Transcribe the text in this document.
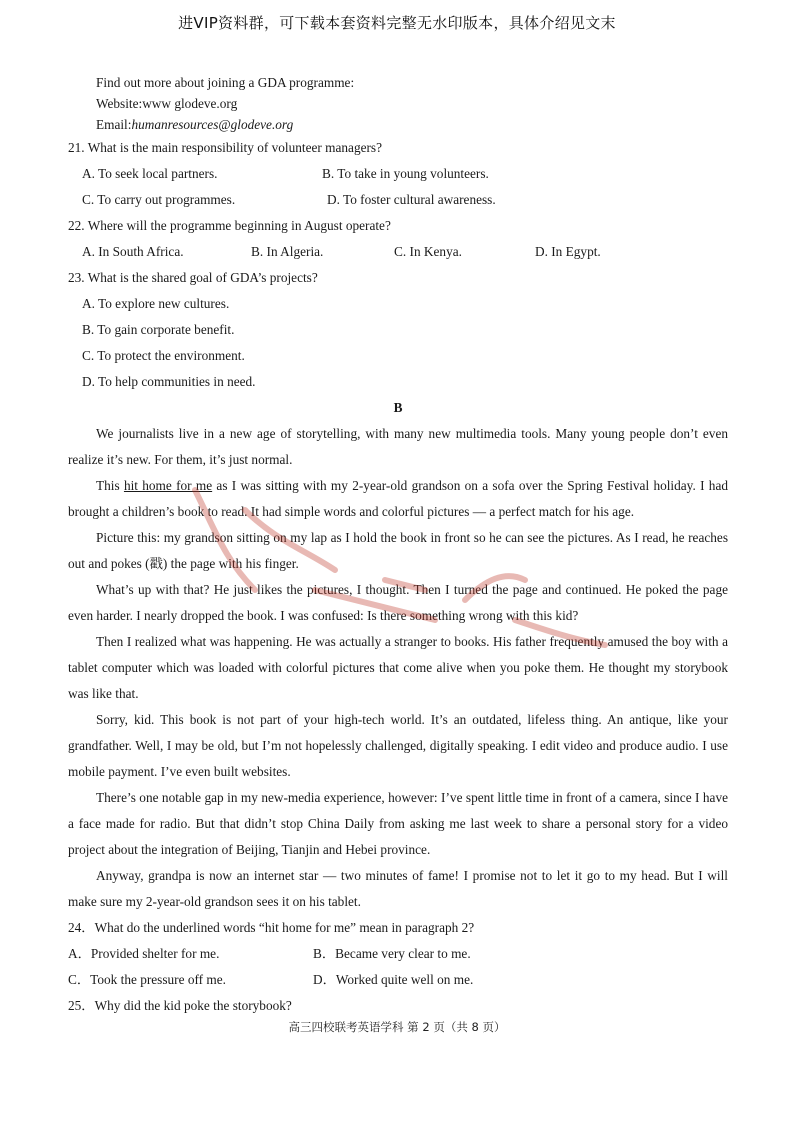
进VIP资料群，可下载本套资料完整无水印版本，具体介绍见文末
Find out more about joining a GDA programme:
Website:www glodeve.org
Email:humanresources@glodeve.org
21. What is the main responsibility of volunteer managers?
A. To seek local partners.	B. To take in young volunteers.
C. To carry out programmes.	D. To foster cultural awareness.
22. Where will the programme beginning in August operate?
A. In South Africa.	B. In Algeria.	C. In Kenya.	D. In Egypt.
23. What is the shared goal of GDA’s projects?
A. To explore new cultures.
B. To gain corporate benefit.
C. To protect the environment.
D. To help communities in need.
B
We journalists live in a new age of storytelling, with many new multimedia tools. Many young people don’t even realize it’s new. For them, it’s just normal.
This hit home for me as I was sitting with my 2-year-old grandson on a sofa over the Spring Festival holiday. I had brought a children’s book to read. It had simple words and colorful pictures — a perfect match for his age.
Picture this: my grandson sitting on my lap as I hold the book in front so he can see the pictures. As I read, he reaches out and pokes (戳) the page with his finger.
What’s up with that? He just likes the pictures, I thought. Then I turned the page and continued. He poked the page even harder. I nearly dropped the book. I was confused: Is there something wrong with this kid?
Then I realized what was happening. He was actually a stranger to books. His father frequently amused the boy with a tablet computer which was loaded with colorful pictures that come alive when you poke them. He thought my storybook was like that.
Sorry, kid. This book is not part of your high-tech world. It’s an outdated, lifeless thing. An antique, like your grandfather. Well, I may be old, but I’m not hopelessly challenged, digitally speaking. I edit video and produce audio. I use mobile payment. I’ve even built websites.
There’s one notable gap in my new-media experience, however: I’ve spent little time in front of a camera, since I have a face made for radio. But that didn’t stop China Daily from asking me last week to share a personal story for a video project about the integration of Beijing, Tianjin and Hebei province.
Anyway, grandpa is now an internet star — two minutes of fame! I promise not to let it go to my head. But I will make sure my 2-year-old grandson sees it on his tablet.
24．What do the underlined words “hit home for me” mean in paragraph 2?
A．Provided shelter for me.	B．Became very clear to me.
C．Took the pressure off me.	D．Worked quite well on me.
25．Why did the kid poke the storybook?
高三四校联考英语学科 第 2 页（共 8 页）
